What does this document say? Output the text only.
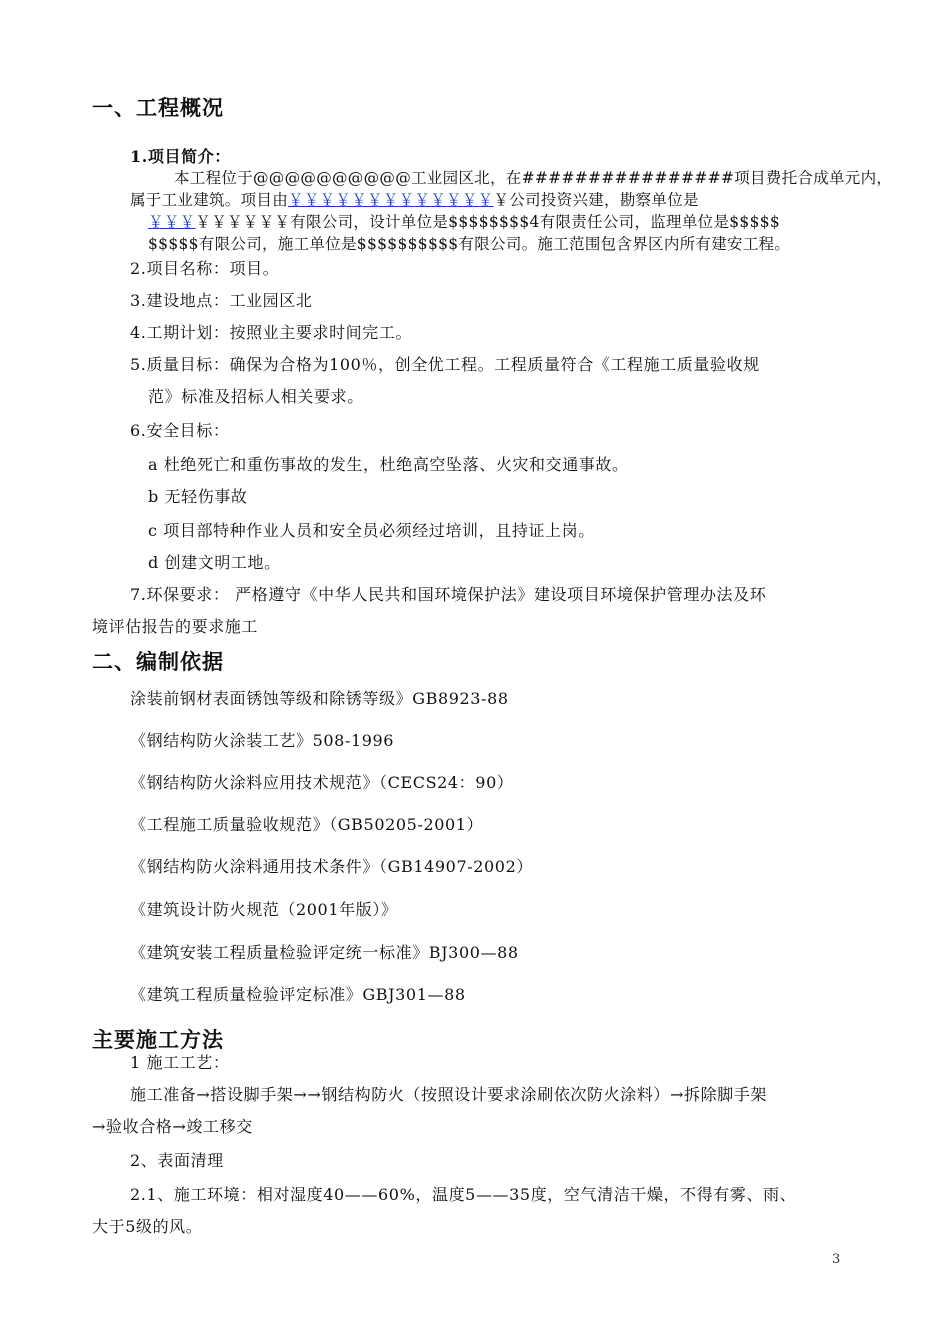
一、工程概况
1.项目简介：
本工程位于@@@@@@@@@@工业园区北，在################项目费托合成单元内，
属于工业建筑。项目由￥￥￥￥￥￥￥￥￥￥￥￥￥￥公司投资兴建，勘察单位是
￥￥￥￥￥￥￥￥￥有限公司，设计单位是$$$$$$$$4有限责任公司，监理单位是$$$$$
$$$$$有限公司，施工单位是$$$$$$$$$$有限公司。施工范围包含界区内所有建安工程。
2.项目名称：项目。
3.建设地点：工业园区北
4.工期计划：按照业主要求时间完工。
5.质量目标：确保为合格为100％，创全优工程。工程质量符合《工程施工质量验收规
范》标准及招标人相关要求。
6.安全目标：
a 杜绝死亡和重伤事故的发生，杜绝高空坠落、火灾和交通事故。
b 无轻伤事故
c 项目部特种作业人员和安全员必须经过培训，且持证上岗。
d 创建文明工地。
7.环保要求： 严格遵守《中华人民共和国环境保护法》建设项目环境保护管理办法及环
境评估报告的要求施工
二、编制依据
涂装前钢材表面锈蚀等级和除锈等级》GB8923-88
《钢结构防火涂装工艺》508-1996
《钢结构防火涂料应用技术规范》（CECS24：90）
《工程施工质量验收规范》（GB50205-2001）
《钢结构防火涂料通用技术条件》（GB14907-2002）
《建筑设计防火规范（2001年版）》
《建筑安装工程质量检验评定统一标准》BJ300—88
《建筑工程质量检验评定标准》GBJ301—88
主要施工方法
1 施工工艺：
施工准备→搭设脚手架→→钢结构防火（按照设计要求涂刷依次防火涂料）→拆除脚手架
→验收合格→竣工移交
2、表面清理
2.1、施工环境：相对湿度40——60%，温度5——35度，空气清洁干燥，不得有雾、雨、
大于5级的风。
3
